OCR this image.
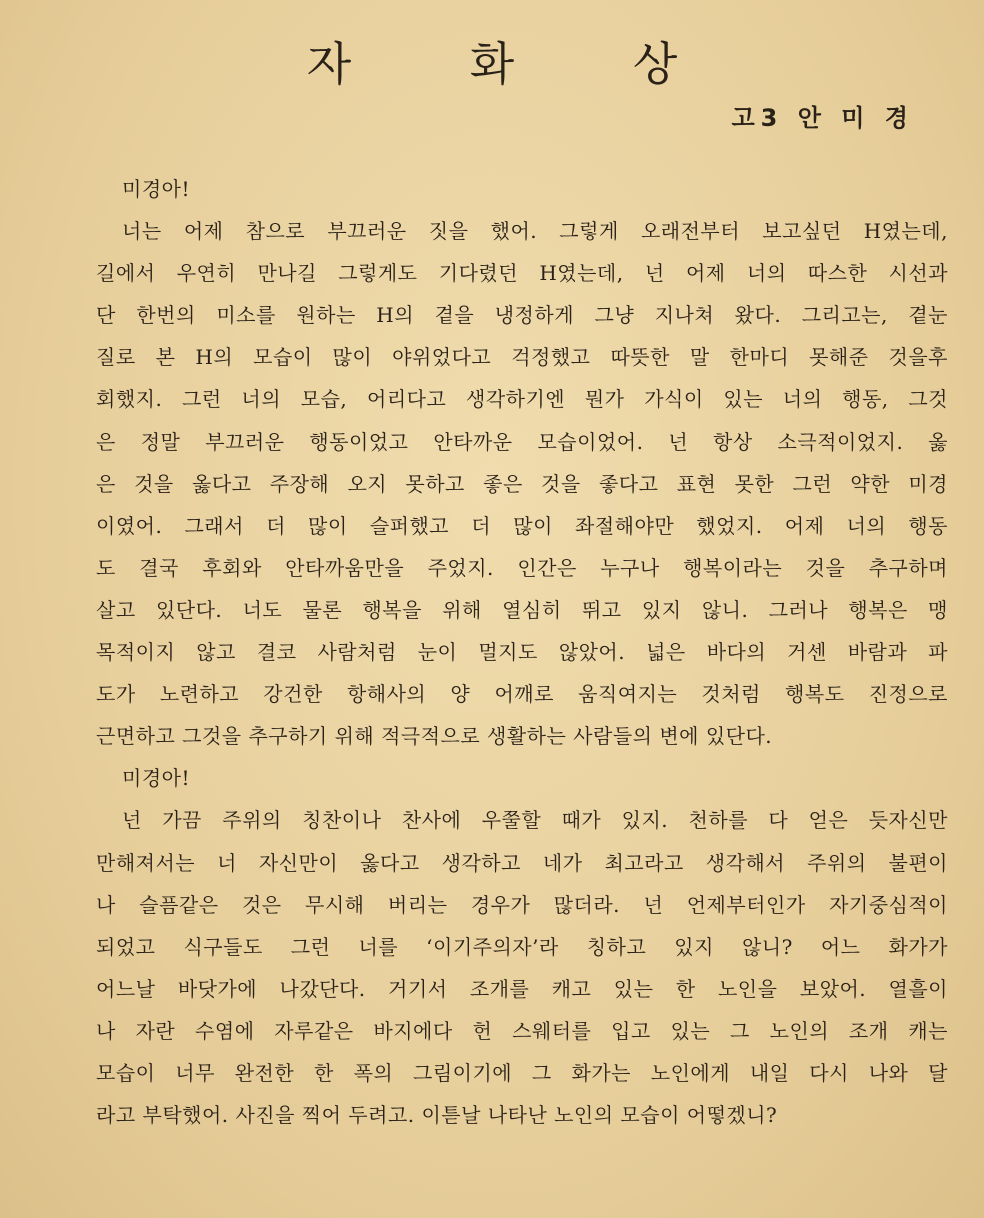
자 화 상
고3 안 미 경
미경아!
너는 어제 참으로 부끄러운 짓을 했어. 그렇게 오래전부터 보고싶던 H였는데,
길에서 우연히 만나길 그렇게도 기다렸던 H였는데, 넌 어제 너의 따스한 시선과
단 한번의 미소를 원하는 H의 곁을 냉정하게 그냥 지나쳐 왔다. 그리고는, 곁눈
질로 본 H의 모습이 많이 야위었다고 걱정했고 따뜻한 말 한마디 못해준 것을후
회했지. 그런 너의 모습, 어리다고 생각하기엔 뭔가 가식이 있는 너의 행동, 그것
은 정말 부끄러운 행동이었고 안타까운 모습이었어. 넌 항상 소극적이었지. 옳
은 것을 옳다고 주장해 오지 못하고 좋은 것을 좋다고 표현 못한 그런 약한 미경
이였어. 그래서 더 많이 슬퍼했고 더 많이 좌절해야만 했었지. 어제 너의 행동
도 결국 후회와 안타까움만을 주었지. 인간은 누구나 행복이라는 것을 추구하며
살고 있단다. 너도 물론 행복을 위해 열심히 뛰고 있지 않니. 그러나 행복은 맹
목적이지 않고 결코 사람처럼 눈이 멀지도 않았어. 넓은 바다의 거센 바람과 파
도가 노련하고 강건한 항해사의 양 어깨로 움직여지는 것처럼 행복도 진정으로
근면하고 그것을 추구하기 위해 적극적으로 생활하는 사람들의 변에 있단다.
미경아!
넌 가끔 주위의 칭찬이나 찬사에 우쭐할 때가 있지. 천하를 다 얻은 듯자신만
만해져서는 너 자신만이 옳다고 생각하고 네가 최고라고 생각해서 주위의 불편이
나 슬픔같은 것은 무시해 버리는 경우가 많더라. 넌 언제부터인가 자기중심적이
되었고 식구들도 그런 너를 ‘이기주의자’라 칭하고 있지 않니? 어느 화가가
어느날 바닷가에 나갔단다. 거기서 조개를 캐고 있는 한 노인을 보았어. 열흘이
나 자란 수염에 자루같은 바지에다 헌 스웨터를 입고 있는 그 노인의 조개 캐는
모습이 너무 완전한 한 폭의 그림이기에 그 화가는 노인에게 내일 다시 나와 달
라고 부탁했어. 사진을 찍어 두려고. 이튿날 나타난 노인의 모습이 어떻겠니?
